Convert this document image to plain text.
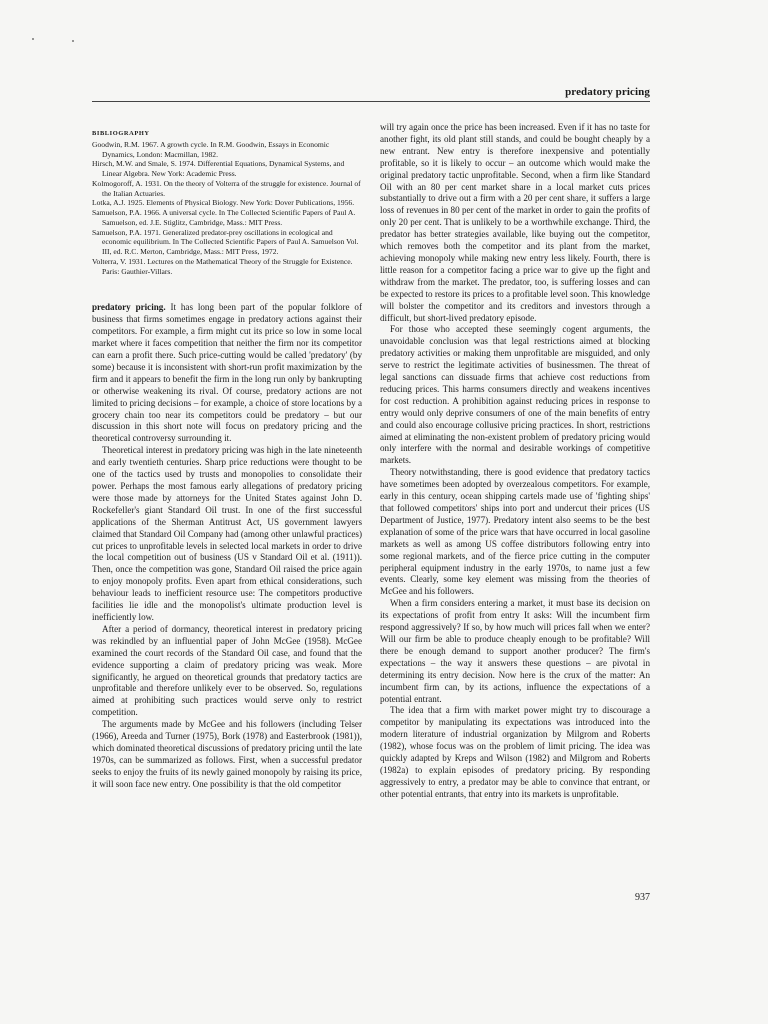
predatory pricing
BIBLIOGRAPHY

Goodwin, R.M. 1967. A growth cycle. In R.M. Goodwin, Essays in Economic Dynamics, London: Macmillan, 1982.

Hirsch, M.W. and Smale, S. 1974. Differential Equations, Dynamical Systems, and Linear Algebra. New York: Academic Press.

Kolmogoroff, A. 1931. On the theory of Volterra of the struggle for existence. Journal of the Italian Actuaries.

Lotka, A.J. 1925. Elements of Physical Biology. New York: Dover Publications, 1956.

Samuelson, P.A. 1966. A universal cycle. In The Collected Scientific Papers of Paul A. Samuelson, ed. J.E. Stiglitz, Cambridge, Mass.: MIT Press.

Samuelson, P.A. 1971. Generalized predator-prey oscillations in ecological and economic equilibrium. In The Collected Scientific Papers of Paul A. Samuelson Vol. III, ed. R.C. Merton, Cambridge, Mass.: MIT Press, 1972.

Volterra, V. 1931. Lectures on the Mathematical Theory of the Struggle for Existence. Paris: Gauthier-Villars.

predatory pricing. It has long been part of the popular folklore of business that firms sometimes engage in predatory actions against their competitors. For example, a firm might cut its price so low in some local market where it faces competition that neither the firm nor its competitor can earn a profit there. Such price-cutting would be called 'predatory' (by some) because it is inconsistent with short-run profit maximization by the firm and it appears to benefit the firm in the long run only by bankrupting or otherwise weakening its rival. Of course, predatory actions are not limited to pricing decisions – for example, a choice of store locations by a grocery chain too near its competitors could be predatory – but our discussion in this short note will focus on predatory pricing and the theoretical controversy surrounding it.

Theoretical interest in predatory pricing was high in the late nineteenth and early twentieth centuries. Sharp price reductions were thought to be one of the tactics used by trusts and monopolies to consolidate their power. Perhaps the most famous early allegations of predatory pricing were those made by attorneys for the United States against John D. Rockefeller's giant Standard Oil trust. In one of the first successful applications of the Sherman Antitrust Act, US government lawyers claimed that Standard Oil Company had (among other unlawful practices) cut prices to unprofitable levels in selected local markets in order to drive the local competition out of business (US v Standard Oil et al. (1911)). Then, once the competition was gone, Standard Oil raised the price again to enjoy monopoly profits. Even apart from ethical considerations, such behaviour leads to inefficient resource use: The competitors productive facilities lie idle and the monopolist's ultimate production level is inefficiently low.

After a period of dormancy, theoretical interest in predatory pricing was rekindled by an influential paper of John McGee (1958). McGee examined the court records of the Standard Oil case, and found that the evidence supporting a claim of predatory pricing was weak. More significantly, he argued on theoretical grounds that predatory tactics are unprofitable and therefore unlikely ever to be observed. So, regulations aimed at prohibiting such practices would serve only to restrict competition.

The arguments made by McGee and his followers (including Telser (1966), Areeda and Turner (1975), Bork (1978) and Easterbrook (1981)), which dominated theoretical discussions of predatory pricing until the late 1970s, can be summarized as follows. First, when a successful predator seeks to enjoy the fruits of its newly gained monopoly by raising its price, it will soon face new entry. One possibility is that the old competitor

will try again once the price has been increased. Even if it has no taste for another fight, its old plant still stands, and could be bought cheaply by a new entrant. New entry is therefore inexpensive and potentially profitable, so it is likely to occur – an outcome which would make the original predatory tactic unprofitable. Second, when a firm like Standard Oil with an 80 per cent market share in a local market cuts prices substantially to drive out a firm with a 20 per cent share, it suffers a large loss of revenues in 80 per cent of the market in order to gain the profits of only 20 per cent. That is unlikely to be a worthwhile exchange. Third, the predator has better strategies available, like buying out the competitor, which removes both the competitor and its plant from the market, achieving monopoly while making new entry less likely. Fourth, there is little reason for a competitor facing a price war to give up the fight and withdraw from the market. The predator, too, is suffering losses and can be expected to restore its prices to a profitable level soon. This knowledge will bolster the competitor and its creditors and investors through a difficult, but short-lived predatory episode.

For those who accepted these seemingly cogent arguments, the unavoidable conclusion was that legal restrictions aimed at blocking predatory activities or making them unprofitable are misguided, and only serve to restrict the legitimate activities of businessmen. The threat of legal sanctions can dissuade firms that achieve cost reductions from reducing prices. This harms consumers directly and weakens incentives for cost reduction. A prohibition against reducing prices in response to entry would only deprive consumers of one of the main benefits of entry and could also encourage collusive pricing practices. In short, restrictions aimed at eliminating the non-existent problem of predatory pricing would only interfere with the normal and desirable workings of competitive markets.

Theory notwithstanding, there is good evidence that predatory tactics have sometimes been adopted by overzealous competitors. For example, early in this century, ocean shipping cartels made use of 'fighting ships' that followed competitors' ships into port and undercut their prices (US Department of Justice, 1977). Predatory intent also seems to be the best explanation of some of the price wars that have occurred in local gasoline markets as well as among US coffee distributors following entry into some regional markets, and of the fierce price cutting in the computer peripheral equipment industry in the early 1970s, to name just a few events. Clearly, some key element was missing from the theories of McGee and his followers.

When a firm considers entering a market, it must base its decision on its expectations of profit from entry It asks: Will the incumbent firm respond aggressively? If so, by how much will prices fall when we enter? Will our firm be able to produce cheaply enough to be profitable? Will there be enough demand to support another producer? The firm's expectations – the way it answers these questions – are pivotal in determining its entry decision. Now here is the crux of the matter: An incumbent firm can, by its actions, influence the expectations of a potential entrant.

The idea that a firm with market power might try to discourage a competitor by manipulating its expectations was introduced into the modern literature of industrial organization by Milgrom and Roberts (1982), whose focus was on the problem of limit pricing. The idea was quickly adapted by Kreps and Wilson (1982) and Milgrom and Roberts (1982a) to explain episodes of predatory pricing. By responding aggressively to entry, a predator may be able to convince that entrant, or other potential entrants, that entry into its markets is unprofitable.

937
